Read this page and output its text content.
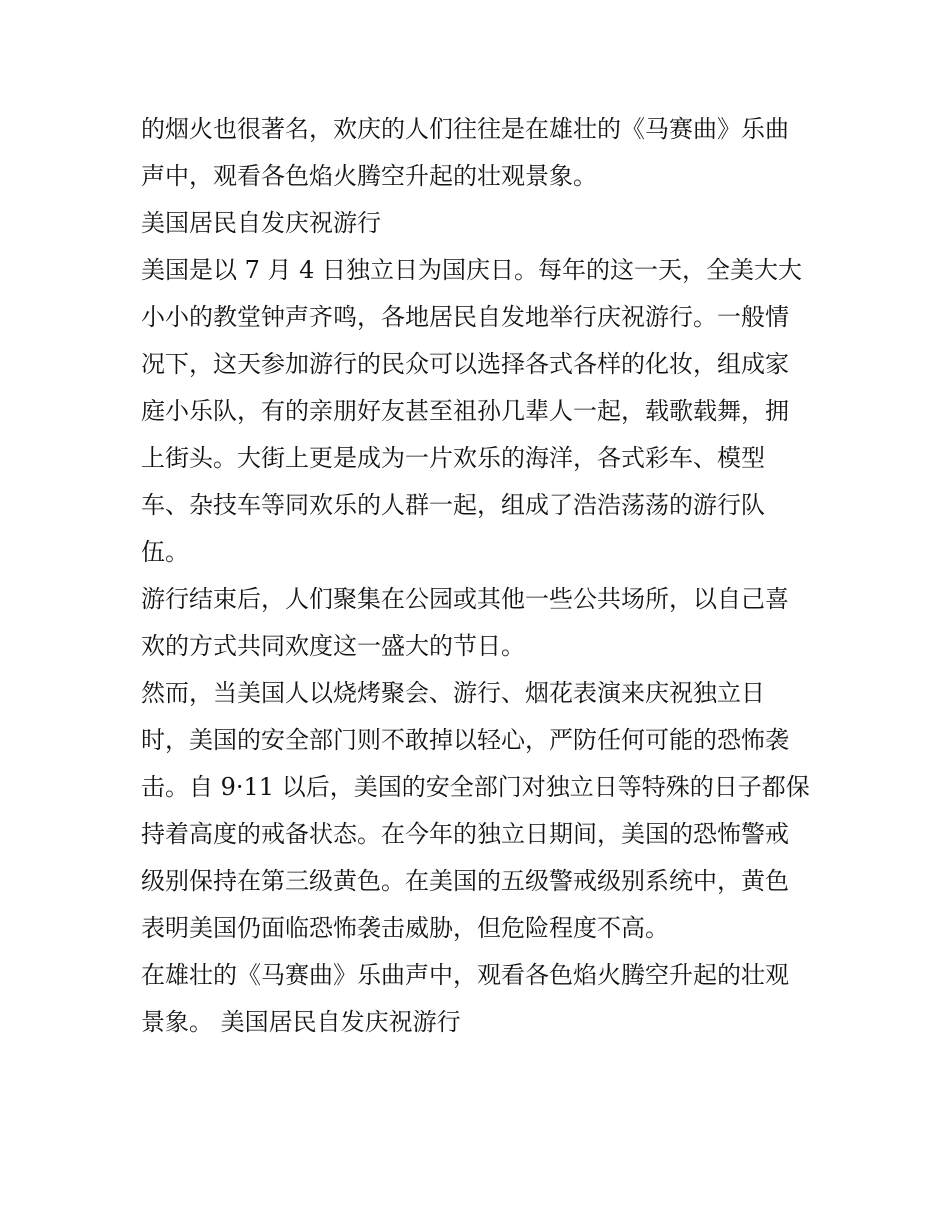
的烟火也很著名，欢庆的人们往往是在雄壮的《马赛曲》乐曲
声中，观看各色焰火腾空升起的壮观景象。

美国居民自发庆祝游行

美国是以 7 月 4 日独立日为国庆日。每年的这一天，全美大大
小小的教堂钟声齐鸣，各地居民自发地举行庆祝游行。一般情
况下，这天参加游行的民众可以选择各式各样的化妆，组成家
庭小乐队，有的亲朋好友甚至祖孙几辈人一起，载歌载舞，拥
上街头。大街上更是成为一片欢乐的海洋，各式彩车、模型
车、杂技车等同欢乐的人群一起，组成了浩浩荡荡的游行队
伍。

游行结束后，人们聚集在公园或其他一些公共场所，以自己喜
欢的方式共同欢度这一盛大的节日。

然而，当美国人以烧烤聚会、游行、烟花表演来庆祝独立日
时，美国的安全部门则不敢掉以轻心，严防任何可能的恐怖袭
击。自 9·11 以后，美国的安全部门对独立日等特殊的日子都保
持着高度的戒备状态。在今年的独立日期间，美国的恐怖警戒
级别保持在第三级黄色。在美国的五级警戒级别系统中，黄色
表明美国仍面临恐怖袭击威胁，但危险程度不高。

在雄壮的《马赛曲》乐曲声中，观看各色焰火腾空升起的壮观
景象。 美国居民自发庆祝游行
